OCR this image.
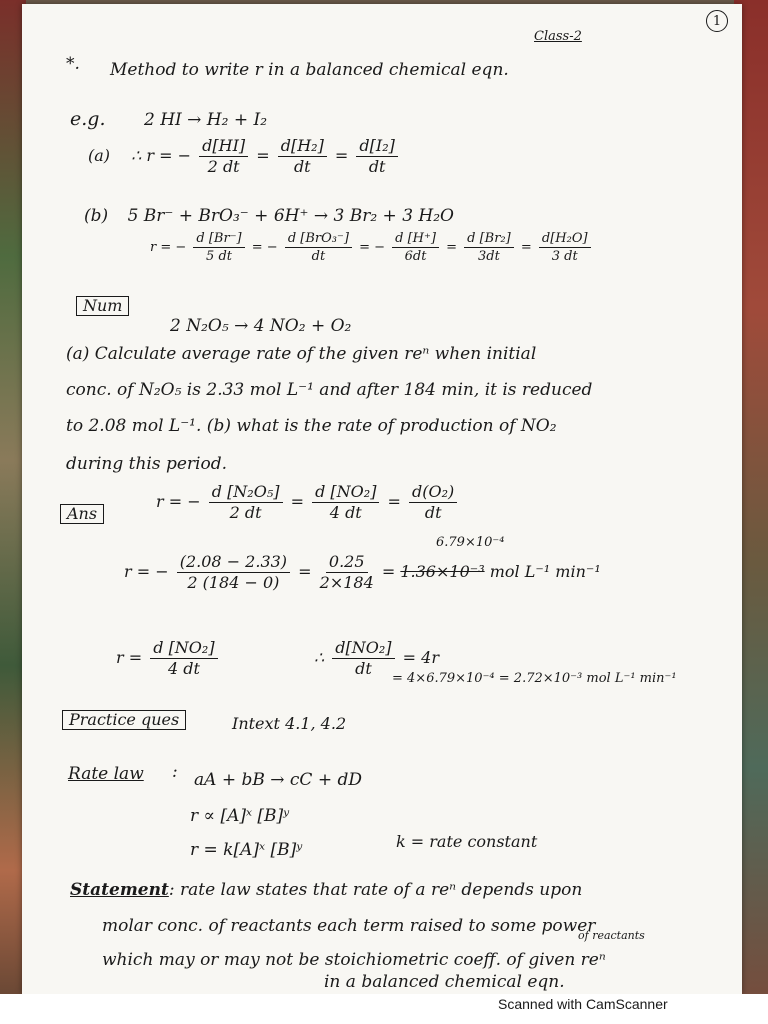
1
Class-2
*. Method to write r in a balanced chemical eqn.
e.g. 2 HI → H₂ + I₂
(a) ∴ r = − $\frac{d[HI]}{2 dt} = \frac{\text{d[H₂]}}{dt} = \frac{\text{d[I₂]}}{dt}$
(b) 5 Br⁻ + BrO₃⁻ + 6H⁺ → 3 Br₂ + 3 H₂O
r = − $\frac{d [Br^-]}{5 dt}$ = − $\frac{\text{d [BrO₃⁻]}}{dt}$ = − $\frac{d [H^+]}{6dt} = \frac{\text{d [Br₂]}}{3dt} = \frac{\text{d[H₂O]}}{3 dt}$
Num
2 N₂O₅ → 4 NO₂ + O₂
(a) Calculate average rate of the given reⁿ when initial
conc. of N₂O₅ is 2.33 mol L⁻¹ and after 184 min, it is reduced
to 2.08 mol L⁻¹. (b) what is the rate of production of NO₂
during this period.
Ans
r = − $\frac{\text{d [N₂O₅]}}{2 dt} = \frac{\text{d [NO₂]}}{4 dt} = \frac{\text{d(O₂)}}{dt}$
6.79×10⁻⁴
r = − $\frac{(2.08 - 2.33)}{2 (184 - 0)} = \frac{0.25}{2\times 184} = 1.36\times 10^{-3}$ mol L⁻¹ min⁻¹
$r = \frac{\text{d [NO₂]}}{4 dt}$	∴ $\frac{\text{d[NO₂]}}{dt} = 4r$
= 4×6.79×10⁻⁴ = 2.72×10⁻³ mol L⁻¹ min⁻¹
Practice ques	Intext 4.1, 4.2
Rate law : aA + bB → cC + dD
r ∝ [A]ˣ [B]ʸ
r = k[A]ˣ [B]ʸ	k = rate constant
Statement: rate law states that rate of a reⁿ depends upon
molar conc. of reactants each term raised to some power
of reactants
which may or may not be stoichiometric coeff. of given reⁿ
in a balanced chemical eqn.
Scanned with CamScanner
